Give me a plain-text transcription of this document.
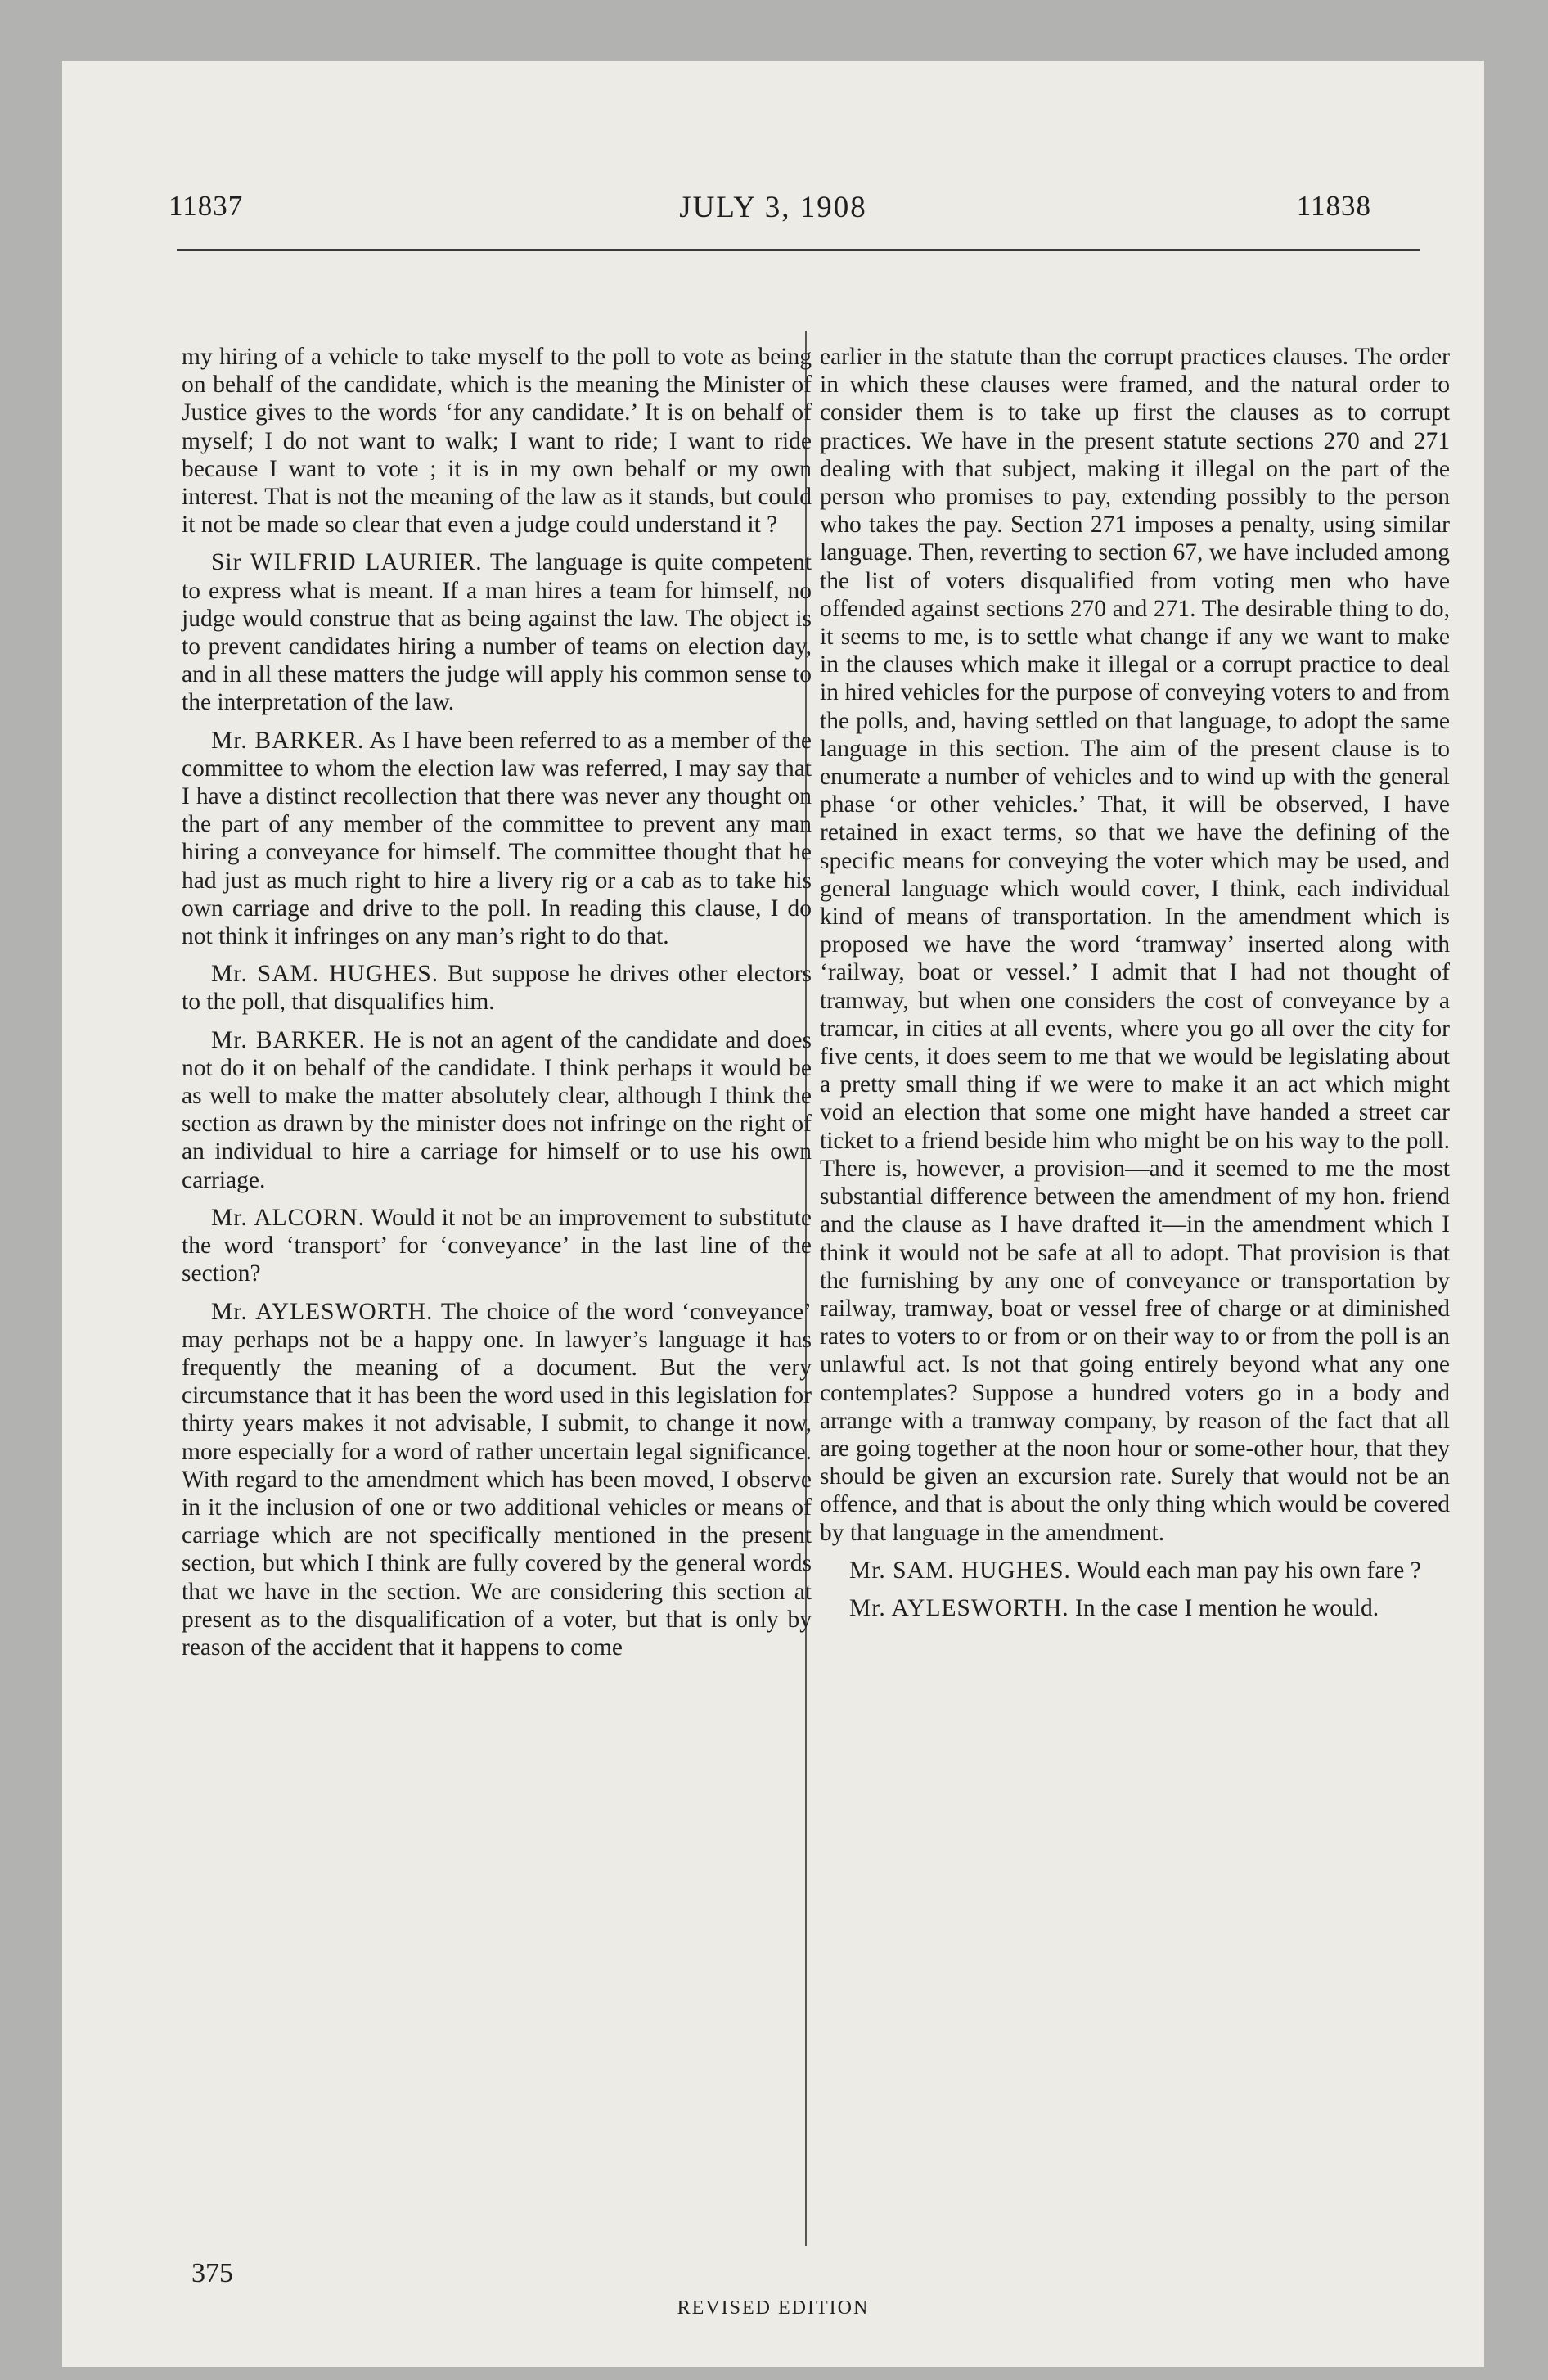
11837	JULY 3, 1908	11838

my hiring of a vehicle to take myself to the poll to vote as being on behalf of the candidate, which is the meaning the Minister of Justice gives to the words ‘for any candidate.’ It is on behalf of myself; I do not want to walk; I want to ride; I want to ride because I want to vote ; it is in my own behalf or my own interest. That is not the meaning of the law as it stands, but could it not be made so clear that even a judge could understand it ?

Sir WILFRID LAURIER. The language is quite competent to express what is meant. If a man hires a team for himself, no judge would construe that as being against the law. The object is to prevent candidates hiring a number of teams on election day, and in all these matters the judge will apply his common sense to the interpretation of the law.

Mr. BARKER. As I have been referred to as a member of the committee to whom the election law was referred, I may say that I have a distinct recollection that there was never any thought on the part of any member of the committee to prevent any man hiring a conveyance for himself. The committee thought that he had just as much right to hire a livery rig or a cab as to take his own carriage and drive to the poll. In reading this clause, I do not think it infringes on any man’s right to do that.

Mr. SAM. HUGHES. But suppose he drives other electors to the poll, that disqualifies him.

Mr. BARKER. He is not an agent of the candidate and does not do it on behalf of the candidate. I think perhaps it would be as well to make the matter absolutely clear, although I think the section as drawn by the minister does not infringe on the right of an individual to hire a carriage for himself or to use his own carriage.

Mr. ALCORN. Would it not be an improvement to substitute the word ‘transport’ for ‘conveyance’ in the last line of the section?

Mr. AYLESWORTH. The choice of the word ‘conveyance’ may perhaps not be a happy one. In lawyer’s language it has frequently the meaning of a document. But the very circumstance that it has been the word used in this legislation for thirty years makes it not advisable, I submit, to change it now, more especially for a word of rather uncertain legal significance. With regard to the amendment which has been moved, I observe in it the inclusion of one or two additional vehicles or means of carriage which are not specifically mentioned in the present section, but which I think are fully covered by the general words that we have in the section. We are considering this section at present as to the disqualification of a voter, but that is only by reason of the accident that it happens to come

earlier in the statute than the corrupt practices clauses. The order in which these clauses were framed, and the natural order to consider them is to take up first the clauses as to corrupt practices. We have in the present statute sections 270 and 271 dealing with that subject, making it illegal on the part of the person who promises to pay, extending possibly to the person who takes the pay. Section 271 imposes a penalty, using similar language. Then, reverting to section 67, we have included among the list of voters disqualified from voting men who have offended against sections 270 and 271. The desirable thing to do, it seems to me, is to settle what change if any we want to make in the clauses which make it illegal or a corrupt practice to deal in hired vehicles for the purpose of conveying voters to and from the polls, and, having settled on that language, to adopt the same language in this section. The aim of the present clause is to enumerate a number of vehicles and to wind up with the general phase ‘or other vehicles.’ That, it will be observed, I have retained in exact terms, so that we have the defining of the specific means for conveying the voter which may be used, and general language which would cover, I think, each individual kind of means of transportation. In the amendment which is proposed we have the word ‘tramway’ inserted along with ‘railway, boat or vessel.’ I admit that I had not thought of tramway, but when one considers the cost of conveyance by a tramcar, in cities at all events, where you go all over the city for five cents, it does seem to me that we would be legislating about a pretty small thing if we were to make it an act which might void an election that some one might have handed a street car ticket to a friend beside him who might be on his way to the poll. There is, however, a provision—and it seemed to me the most substantial difference between the amendment of my hon. friend and the clause as I have drafted it—in the amendment which I think it would not be safe at all to adopt. That provision is that the furnishing by any one of conveyance or transportation by railway, tramway, boat or vessel free of charge or at diminished rates to voters to or from or on their way to or from the poll is an unlawful act. Is not that going entirely beyond what any one contemplates? Suppose a hundred voters go in a body and arrange with a tramway company, by reason of the fact that all are going together at the noon hour or some-other hour, that they should be given an excursion rate. Surely that would not be an offence, and that is about the only thing which would be covered by that language in the amendment.

Mr. SAM. HUGHES. Would each man pay his own fare ?

Mr. AYLESWORTH. In the case I mention he would.

375
REVISED EDITION
